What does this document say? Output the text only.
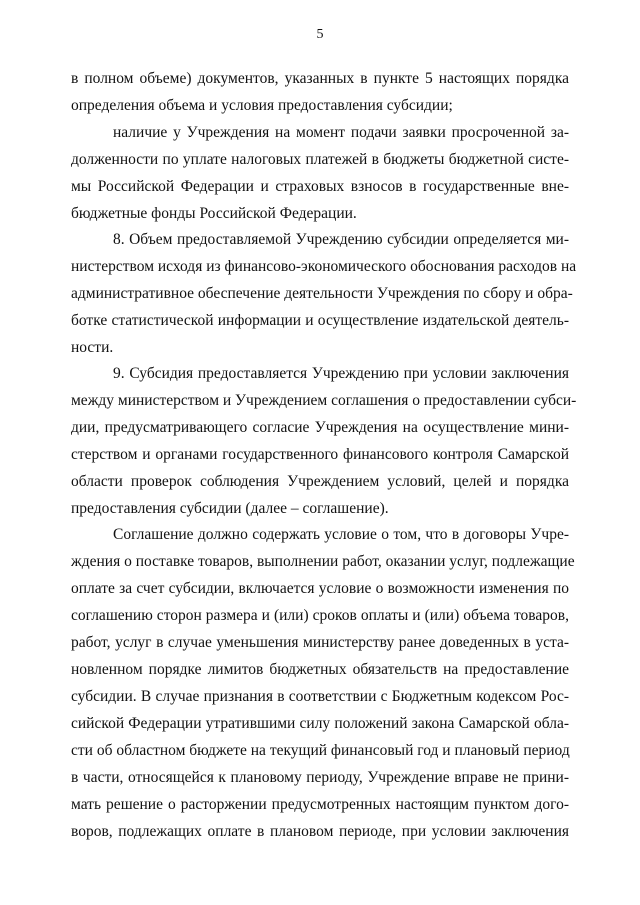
5
в полном объеме) документов, указанных в пункте 5 настоящих порядка
определения объема и условия предоставления субсидии;
наличие у Учреждения на момент подачи заявки просроченной за-
долженности по уплате налоговых платежей в бюджеты бюджетной систе-
мы Российской Федерации и страховых взносов в государственные вне-
бюджетные фонды Российской Федерации.
8. Объем предоставляемой Учреждению субсидии определяется ми-
нистерством исходя из финансово-экономического обоснования расходов на
административное обеспечение деятельности Учреждения по сбору и обра-
ботке статистической информации и осуществление издательской деятель-
ности.
9. Субсидия предоставляется Учреждению при условии заключения
между министерством и Учреждением соглашения о предоставлении субси-
дии, предусматривающего согласие Учреждения на осуществление мини-
стерством и органами государственного финансового контроля Самарской
области проверок соблюдения Учреждением условий, целей и порядка
предоставления субсидии (далее – соглашение).
Соглашение должно содержать условие о том, что в договоры Учре-
ждения о поставке товаров, выполнении работ, оказании услуг, подлежащие
оплате за счет субсидии, включается условие о возможности изменения по
соглашению сторон размера и (или) сроков оплаты и (или) объема товаров,
работ, услуг в случае уменьшения министерству ранее доведенных в уста-
новленном порядке лимитов бюджетных обязательств на предоставление
субсидии. В случае признания в соответствии с Бюджетным кодексом Рос-
сийской Федерации утратившими силу положений закона Самарской обла-
сти об областном бюджете на текущий финансовый год и плановый период
в части, относящейся к плановому периоду, Учреждение вправе не прини-
мать решение о расторжении предусмотренных настоящим пунктом дого-
воров, подлежащих оплате в плановом периоде, при условии заключения
